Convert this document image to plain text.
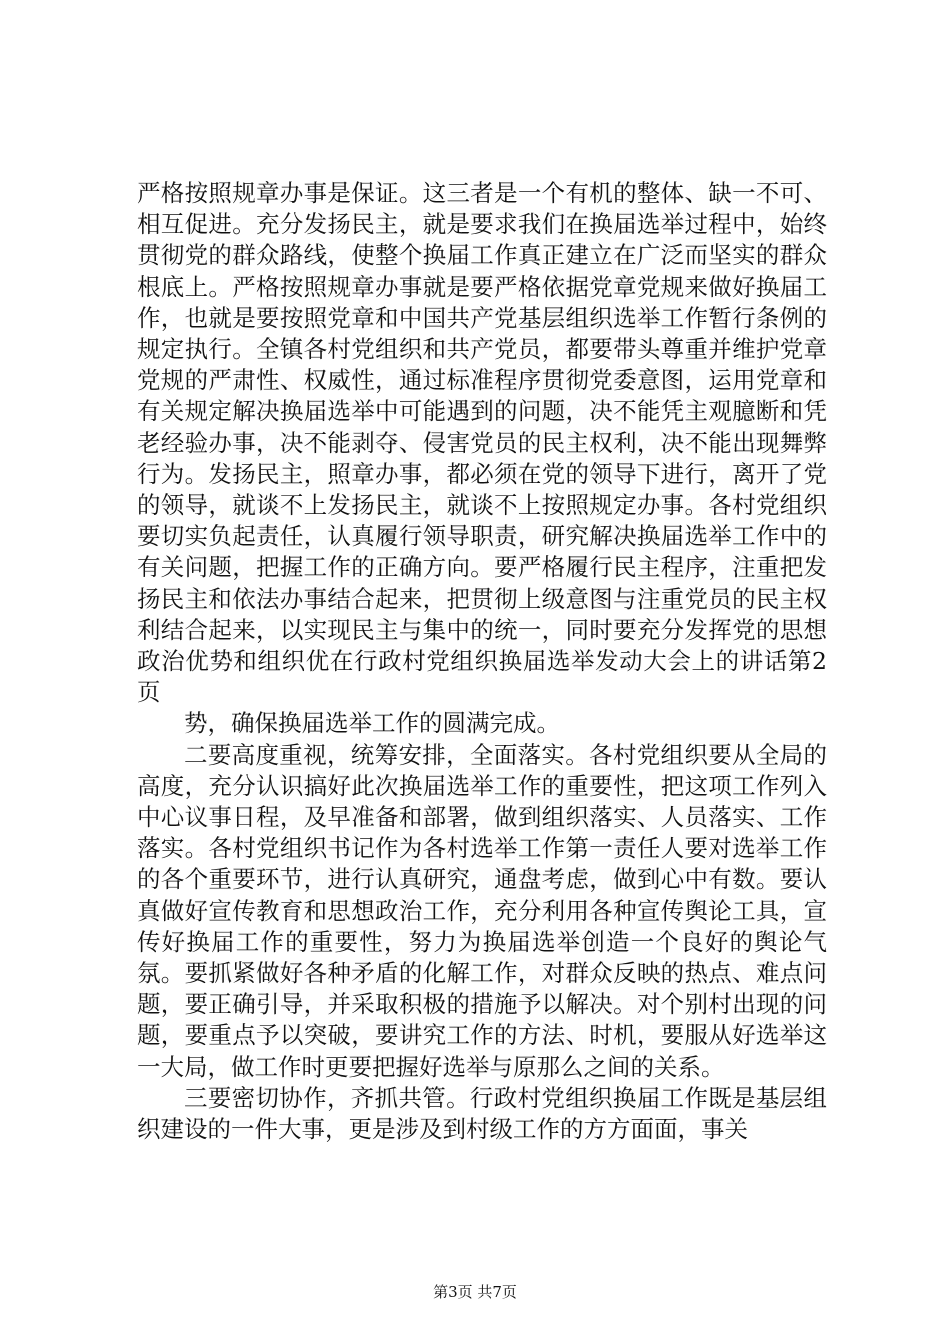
严格按照规章办事是保证。这三者是一个有机的整体、缺一不可、相互促进。充分发扬民主，就是要求我们在换届选举过程中，始终贯彻党的群众路线，使整个换届工作真正建立在广泛而坚实的群众根底上。严格按照规章办事就是要严格依据党章党规来做好换届工作，也就是要按照党章和中国共产党基层组织选举工作暂行条例的规定执行。全镇各村党组织和共产党员，都要带头尊重并维护党章党规的严肃性、权威性，通过标准程序贯彻党委意图，运用党章和有关规定解决换届选举中可能遇到的问题，决不能凭主观臆断和凭老经验办事，决不能剥夺、侵害党员的民主权利，决不能出现舞弊行为。发扬民主，照章办事，都必须在党的领导下进行，离开了党的领导，就谈不上发扬民主，就谈不上按照规定办事。各村党组织要切实负起责任，认真履行领导职责，研究解决换届选举工作中的有关问题，把握工作的正确方向。要严格履行民主程序，注重把发扬民主和依法办事结合起来，把贯彻上级意图与注重党员的民主权利结合起来，以实现民主与集中的统一，同时要充分发挥党的思想政治优势和组织优在行政村党组织换届选举发动大会上的讲话第2页

势，确保换届选举工作的圆满完成。

二要高度重视，统筹安排，全面落实。各村党组织要从全局的高度，充分认识搞好此次换届选举工作的重要性，把这项工作列入中心议事日程，及早准备和部署，做到组织落实、人员落实、工作落实。各村党组织书记作为各村选举工作第一责任人要对选举工作的各个重要环节，进行认真研究，通盘考虑，做到心中有数。要认真做好宣传教育和思想政治工作，充分利用各种宣传舆论工具，宣传好换届工作的重要性，努力为换届选举创造一个良好的舆论气氛。要抓紧做好各种矛盾的化解工作，对群众反映的热点、难点问题，要正确引导，并采取积极的措施予以解决。对个别村出现的问题，要重点予以突破，要讲究工作的方法、时机，要服从好选举这一大局，做工作时更要把握好选举与原那么之间的关系。

三要密切协作，齐抓共管。行政村党组织换届工作既是基层组织建设的一件大事，更是涉及到村级工作的方方面面，事关

第3页 共7页
